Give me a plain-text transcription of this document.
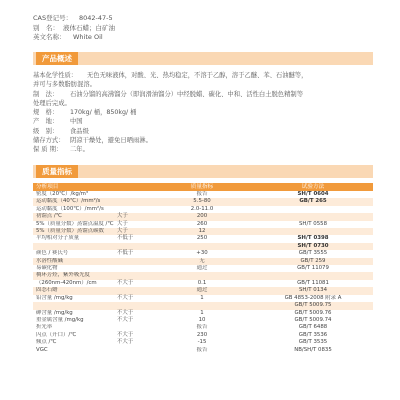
CAS登记号：	8042-47-5
别　名： 液体石蜡；白矿油
英文名称：	White Oil
产品概述
基本化学性质：	无色无味液体，对酸、光、热均稳定，不溶于乙醇，溶于乙醚、苯、石油醚等，
并可与多数脂肪混溶。
制　法：	石油分馏的高沸馏分（即润滑油馏分）中经脱蜡、碳化、中和、活性白土脱色精制等
处理后完成。
规　格：	170kg/ 桶，850kg/ 桶
产　地：	中国
级　别：	食品级
储存方式： 阴凉干燥处，避免日晒雨淋。
保 质 期：	二年。
质量指标
分析项目	质量指标	试验方法
密度（20℃）/kg/m³	报告	SH/T 0604
运动黏度（40℃）/mm²/s	5.5-80	GB/T 265
运动黏度（100℃）/mm²/s	2.0-11.0
初馏点 /℃	大于	200
5%（质量分数）蒸馏点温度 /℃ 大于	260	SH/T 0558
5%（质量分数）蒸馏点碳数	大于	12
平均相对分子质量	不低于	250	SH/T 0398
SH/T 0730
颜色 / 赛氏号	不低于	+30	GB/T 3555
水溶性酸碱	无	GB/T 259
易碳化物	通过	GB/T 11079
稠环芳烃，紫外吸光度
（260nm-420nm）/cm	不大于	0.1	GB/T 11081
固态石蜡	通过	SH/T 0134
铅含量 /mg/kg	不大于	1	GB 4853-2008 附录 A
GB/T 5009.75
砷含量 /mg/kg	不大于	1	GB/T 5009.76
重金属含量 /mg/kg	不大于	10	GB/T 5009.74
折光率	报告	GB/T 6488
闪点（开口）/℃	不大于	230	GB/T 3536
倾点 /℃	不大于	-15	GB/T 3535
VGC	报告	NB/SH/T 0835
